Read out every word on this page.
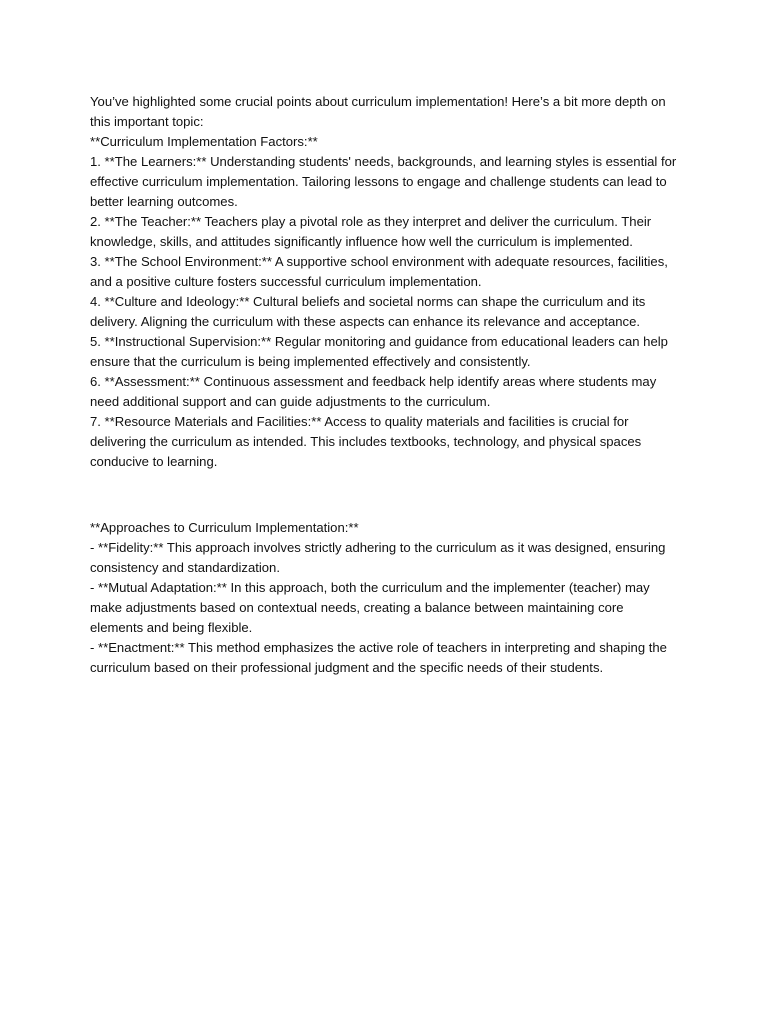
You’ve highlighted some crucial points about curriculum implementation! Here’s a bit more depth on this important topic:

**Curriculum Implementation Factors:**

1. **The Learners:** Understanding students' needs, backgrounds, and learning styles is essential for effective curriculum implementation. Tailoring lessons to engage and challenge students can lead to better learning outcomes.

2. **The Teacher:** Teachers play a pivotal role as they interpret and deliver the curriculum. Their knowledge, skills, and attitudes significantly influence how well the curriculum is implemented.

3. **The School Environment:** A supportive school environment with adequate resources, facilities, and a positive culture fosters successful curriculum implementation.

4. **Culture and Ideology:** Cultural beliefs and societal norms can shape the curriculum and its delivery. Aligning the curriculum with these aspects can enhance its relevance and acceptance.

5. **Instructional Supervision:** Regular monitoring and guidance from educational leaders can help ensure that the curriculum is being implemented effectively and consistently.

6. **Assessment:** Continuous assessment and feedback help identify areas where students may need additional support and can guide adjustments to the curriculum.

7. **Resource Materials and Facilities:** Access to quality materials and facilities is crucial for delivering the curriculum as intended. This includes textbooks, technology, and physical spaces conducive to learning.

**Approaches to Curriculum Implementation:**

- **Fidelity:** This approach involves strictly adhering to the curriculum as it was designed, ensuring consistency and standardization.

- **Mutual Adaptation:** In this approach, both the curriculum and the implementer (teacher) may make adjustments based on contextual needs, creating a balance between maintaining core elements and being flexible.

- **Enactment:** This method emphasizes the active role of teachers in interpreting and shaping the curriculum based on their professional judgment and the specific needs of their students.
